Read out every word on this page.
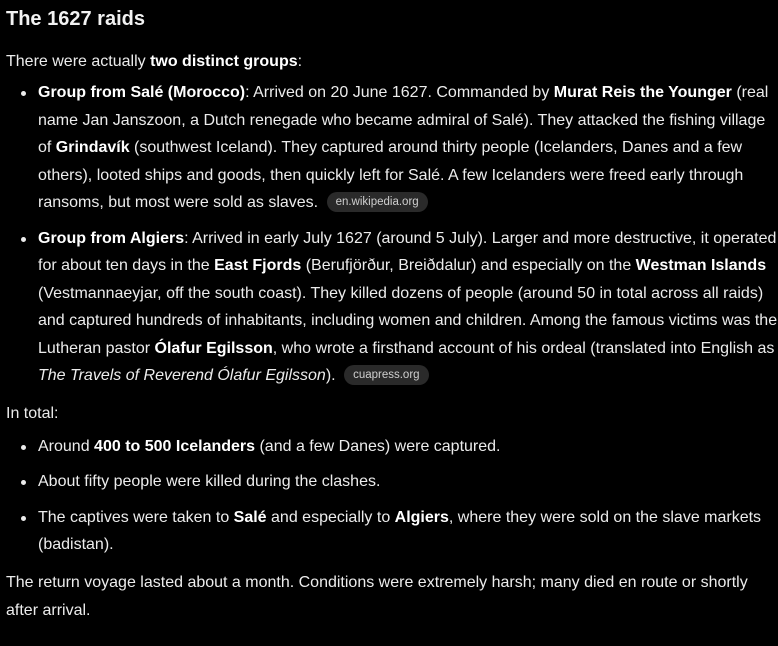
The 1627 raids

There were actually two distinct groups:

Group from Salé (Morocco): Arrived on 20 June 1627. Commanded by Murat Reis the Younger (real name Jan Janszoon, a Dutch renegade who became admiral of Salé). They attacked the fishing village of Grindavík (southwest Iceland). They captured around thirty people (Icelanders, Danes and a few others), looted ships and goods, then quickly left for Salé. A few Icelanders were freed early through ransoms, but most were sold as slaves. en.wikipedia.org
Group from Algiers: Arrived in early July 1627 (around 5 July). Larger and more destructive, it operated for about ten days in the East Fjords (Berufjörður, Breiðdalur) and especially on the Westman Islands (Vestmannaeyjar, off the south coast). They killed dozens of people (around 50 in total across all raids) and captured hundreds of inhabitants, including women and children. Among the famous victims was the Lutheran pastor Ólafur Egilsson, who wrote a firsthand account of his ordeal (translated into English as The Travels of Reverend Ólafur Egilsson). cuapress.org

In total:

Around 400 to 500 Icelanders (and a few Danes) were captured.
About fifty people were killed during the clashes.
The captives were taken to Salé and especially to Algiers, where they were sold on the slave markets (badistan).

The return voyage lasted about a month. Conditions were extremely harsh; many died en route or shortly after arrival.
